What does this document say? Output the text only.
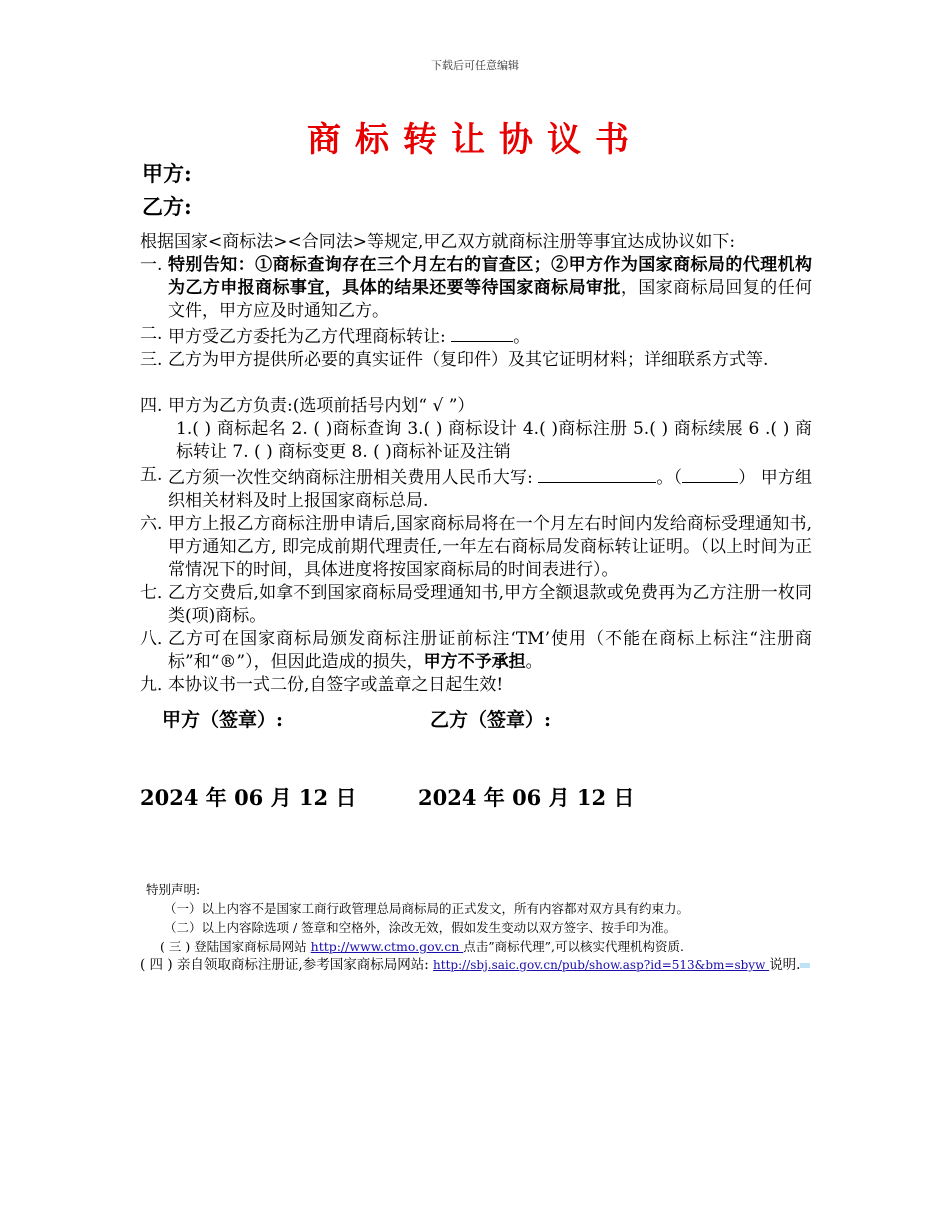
下载后可任意编辑
商标转让协议书
甲方:
乙方:

根据国家<商标法><合同法>等规定,甲乙双方就商标注册等事宜达成协议如下:

一. 特别告知：①商标查询存在三个月左右的盲查区；②甲方作为国家商标局的代理机构为乙方申报商标事宜，具体的结果还要等待国家商标局审批，国家商标局回复的任何文件，甲方应及时通知乙方。

二. 甲方受乙方委托为乙方代理商标转让:	。

三. 乙方为甲方提供所必要的真实证件（复印件）及其它证明材料；详细联系方式等.

四. 甲方为乙方负责:(选项前括号内划“ √ ”）

1.( ) 商标起名 2. ( )商标查询 3.( ) 商标设计 4.( )商标注册 5.( ) 商标续展 6 .( ) 商标转让 7. ( ) 商标变更 8. ( )商标补证及注销

五. 乙方须一次性交纳商标注册相关费用人民币大写:	。（	） 甲方组织相关材料及时上报国家商标总局.

六. 甲方上报乙方商标注册申请后,国家商标局将在一个月左右时间内发给商标受理通知书,甲方通知乙方, 即完成前期代理责任,一年左右商标局发商标转让证明。（以上时间为正常情况下的时间，具体进度将按国家商标局的时间表进行）。

七．
乙方交费后,如拿不到国家商标局受理通知书,甲方全额退款或免费再为乙方注册一枚同类(项)商标。

八．
乙方可在国家商标局颁发商标注册证前标注‘TM’使用（不能在商标上标注“注册商标”和“®”），但因此造成的损失，甲方不予承担。

九．
本协议书一式二份,自签字或盖章之日起生效!

甲方（签章）:	乙方（签章）:
2024 年 06 月 12 日	2024 年 06 月 12 日
特别声明:
（一）以上内容不是国家工商行政管理总局商标局的正式发文，所有内容都对双方具有约束力。
（二）以上内容除选项 / 签章和空格外，涂改无效，假如发生变动以双方签字、按手印为准。
( 三 ) 登陆国家商标局网站 http://www.ctmo.gov.cn 点击”商标代理”,可以核实代理机构资质.
( 四 ) 亲自领取商标注册证,参考国家商标局网站: http://sbj.saic.gov.cn/pub/show.asp?id=513&bm=sbyw 说明.
